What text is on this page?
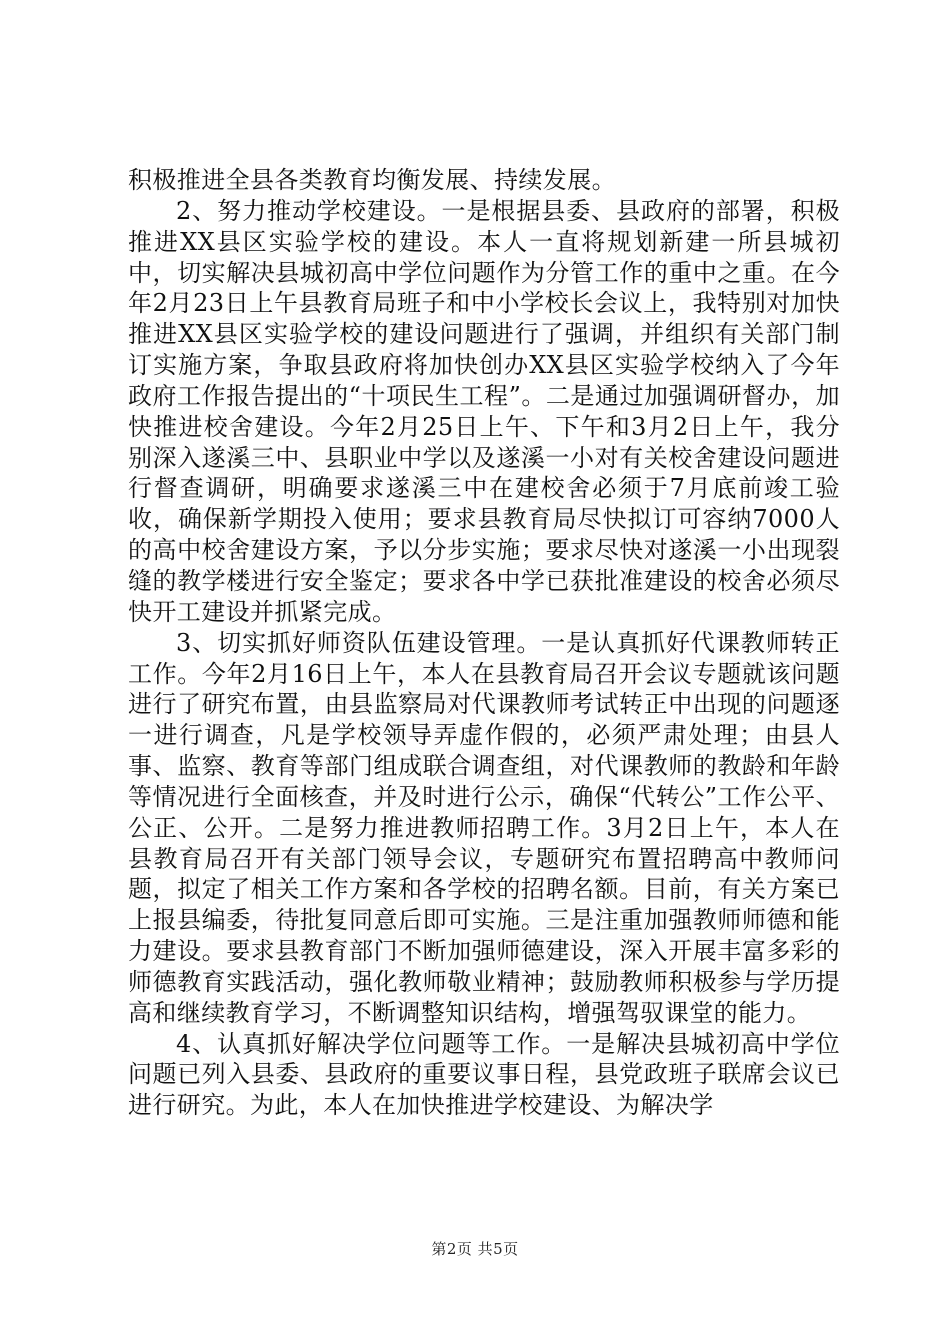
积极推进全县各类教育均衡发展、持续发展。

2、努力推动学校建设。一是根据县委、县政府的部署，积极推进XX县区实验学校的建设。本人一直将规划新建一所县城初中，切实解决县城初高中学位问题作为分管工作的重中之重。在今年2月23日上午县教育局班子和中小学校长会议上，我特别对加快推进XX县区实验学校的建设问题进行了强调，并组织有关部门制订实施方案，争取县政府将加快创办XX县区实验学校纳入了今年政府工作报告提出的“十项民生工程”。二是通过加强调研督办，加快推进校舍建设。今年2月25日上午、下午和3月2日上午，我分别深入遂溪三中、县职业中学以及遂溪一小对有关校舍建设问题进行督查调研，明确要求遂溪三中在建校舍必须于7月底前竣工验收，确保新学期投入使用；要求县教育局尽快拟订可容纳7000人的高中校舍建设方案，予以分步实施；要求尽快对遂溪一小出现裂缝的教学楼进行安全鉴定；要求各中学已获批准建设的校舍必须尽快开工建设并抓紧完成。

3、切实抓好师资队伍建设管理。一是认真抓好代课教师转正工作。今年2月16日上午，本人在县教育局召开会议专题就该问题进行了研究布置，由县监察局对代课教师考试转正中出现的问题逐一进行调查，凡是学校领导弄虚作假的，必须严肃处理；由县人事、监察、教育等部门组成联合调查组，对代课教师的教龄和年龄等情况进行全面核查，并及时进行公示，确保“代转公”工作公平、公正、公开。二是努力推进教师招聘工作。3月2日上午，本人在县教育局召开有关部门领导会议，专题研究布置招聘高中教师问题，拟定了相关工作方案和各学校的招聘名额。目前，有关方案已上报县编委，待批复同意后即可实施。三是注重加强教师师德和能力建设。要求县教育部门不断加强师德建设，深入开展丰富多彩的师德教育实践活动，强化教师敬业精神；鼓励教师积极参与学历提高和继续教育学习，不断调整知识结构，增强驾驭课堂的能力。

4、认真抓好解决学位问题等工作。一是解决县城初高中学位问题已列入县委、县政府的重要议事日程，县党政班子联席会议已进行研究。为此，本人在加快推进学校建设、为解决学

第2页 共5页
